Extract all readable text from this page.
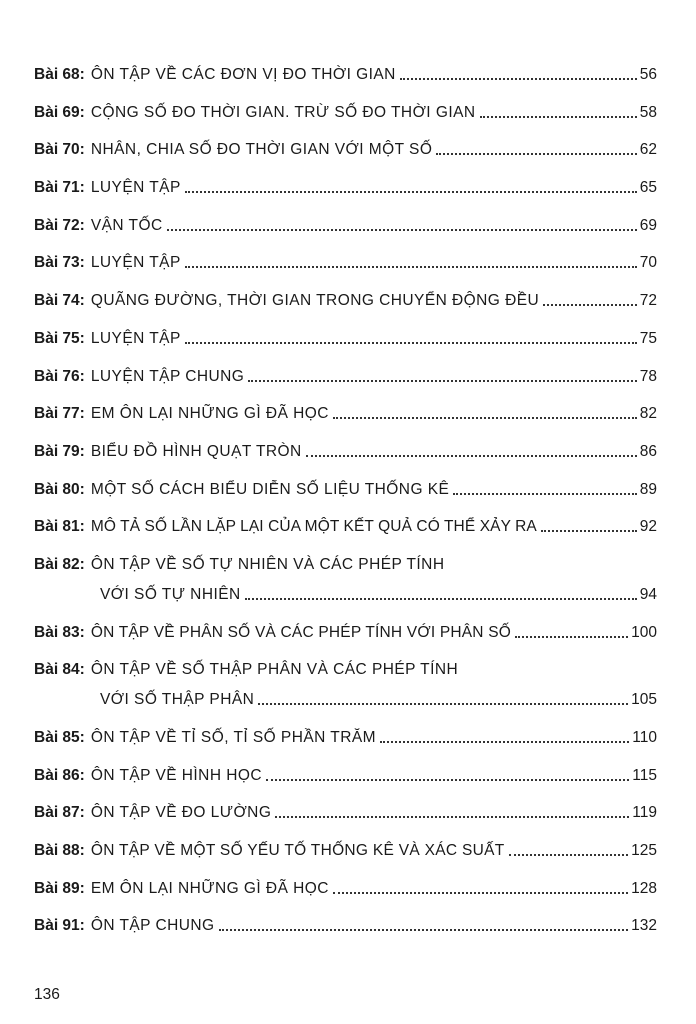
Bài 68: ÔN TẬP VỀ CÁC ĐƠN VỊ ĐO THỜI GIAN	56
Bài 69: CỘNG SỐ ĐO THỜI GIAN. TRỪ SỐ ĐO THỜI GIAN	58
Bài 70: NHÂN, CHIA SỐ ĐO THỜI GIAN VỚI MỘT SỐ	62
Bài 71: LUYỆN TẬP	65
Bài 72: VẬN TỐC	69
Bài 73: LUYỆN TẬP	70
Bài 74: QUÃNG ĐƯỜNG, THỜI GIAN TRONG CHUYỂN ĐỘNG ĐỀU	72
Bài 75: LUYỆN TẬP	75
Bài 76: LUYỆN TẬP CHUNG	78
Bài 77: EM ÔN LẠI NHỮNG GÌ ĐÃ HỌC	82
Bài 79: BIỂU ĐỒ HÌNH QUẠT TRÒN	86
Bài 80: MỘT SỐ CÁCH BIỂU DIỄN SỐ LIỆU THỐNG KÊ	89
Bài 81: MÔ TẢ SỐ LẦN LẶP LẠI CỦA MỘT KẾT QUẢ CÓ THỂ XẢY RA	92
Bài 82: ÔN TẬP VỀ SỐ TỰ NHIÊN VÀ CÁC PHÉP TÍNH
VỚI SỐ TỰ NHIÊN	94
Bài 83: ÔN TẬP VỀ PHÂN SỐ VÀ CÁC PHÉP TÍNH VỚI PHÂN SỐ	100
Bài 84: ÔN TẬP VỀ SỐ THẬP PHÂN VÀ CÁC PHÉP TÍNH
VỚI SỐ THẬP PHÂN	105
Bài 85: ÔN TẬP VỀ TỈ SỐ, TỈ SỐ PHẦN TRĂM	110
Bài 86: ÔN TẬP VỀ HÌNH HỌC	115
Bài 87: ÔN TẬP VỀ ĐO LƯỜNG	119
Bài 88: ÔN TẬP VỀ MỘT SỐ YẾU TỐ THỐNG KÊ VÀ XÁC SUẤT	125
Bài 89: EM ÔN LẠI NHỮNG GÌ ĐÃ HỌC	128
Bài 91: ÔN TẬP CHUNG	132
136
